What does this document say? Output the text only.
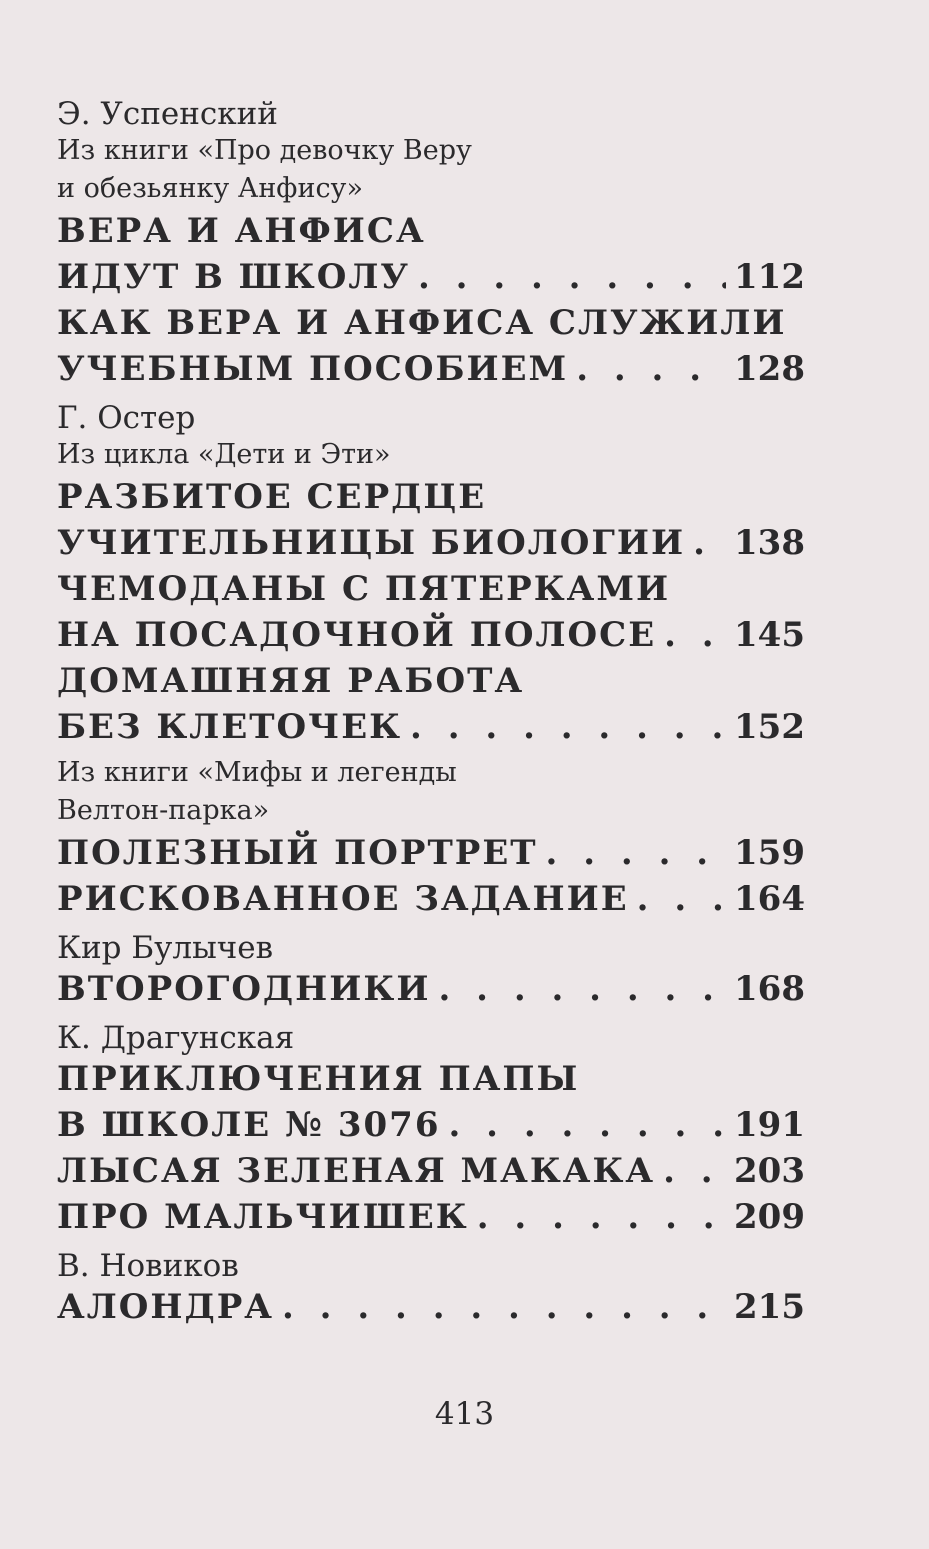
Э. Успенский
Из книги «Про девочку Веру
и обезьянку Анфису»
ВЕРА И АНФИСА
ИДУТ В ШКОЛУ . . .	112
КАК ВЕРА И АНФИСА СЛУЖИЛИ
УЧЕБНЫМ ПОСОБИЕМ . . .	128
Г. Остер
Из цикла «Дети и Эти»
РАЗБИТОЕ СЕРДЦЕ
УЧИТЕЛЬНИЦЫ БИОЛОГИИ . . . 138
ЧЕМОДАНЫ С ПЯТЕРКАМИ
НА ПОСАДОЧНОЙ ПОЛОСЕ . . . 145
ДОМАШНЯЯ РАБОТА
БЕЗ КЛЕТОЧЕК . . .	152
Из книги «Мифы и легенды
Велтон-парка»
ПОЛЕЗНЫЙ ПОРТРЕТ . . .	159
РИСКОВАННОЕ ЗАДАНИЕ . . .	164
Кир Булычев
ВТОРОГОДНИКИ . . .	168
К. Драгунская
ПРИКЛЮЧЕНИЯ ПАПЫ
В ШКОЛЕ № 3076 . . .	191
ЛЫСАЯ ЗЕЛЕНАЯ МАКАКА . . . 203
ПРО МАЛЬЧИШЕК . . .	209
В. Новиков
АЛОНДРА . . .	215
413
